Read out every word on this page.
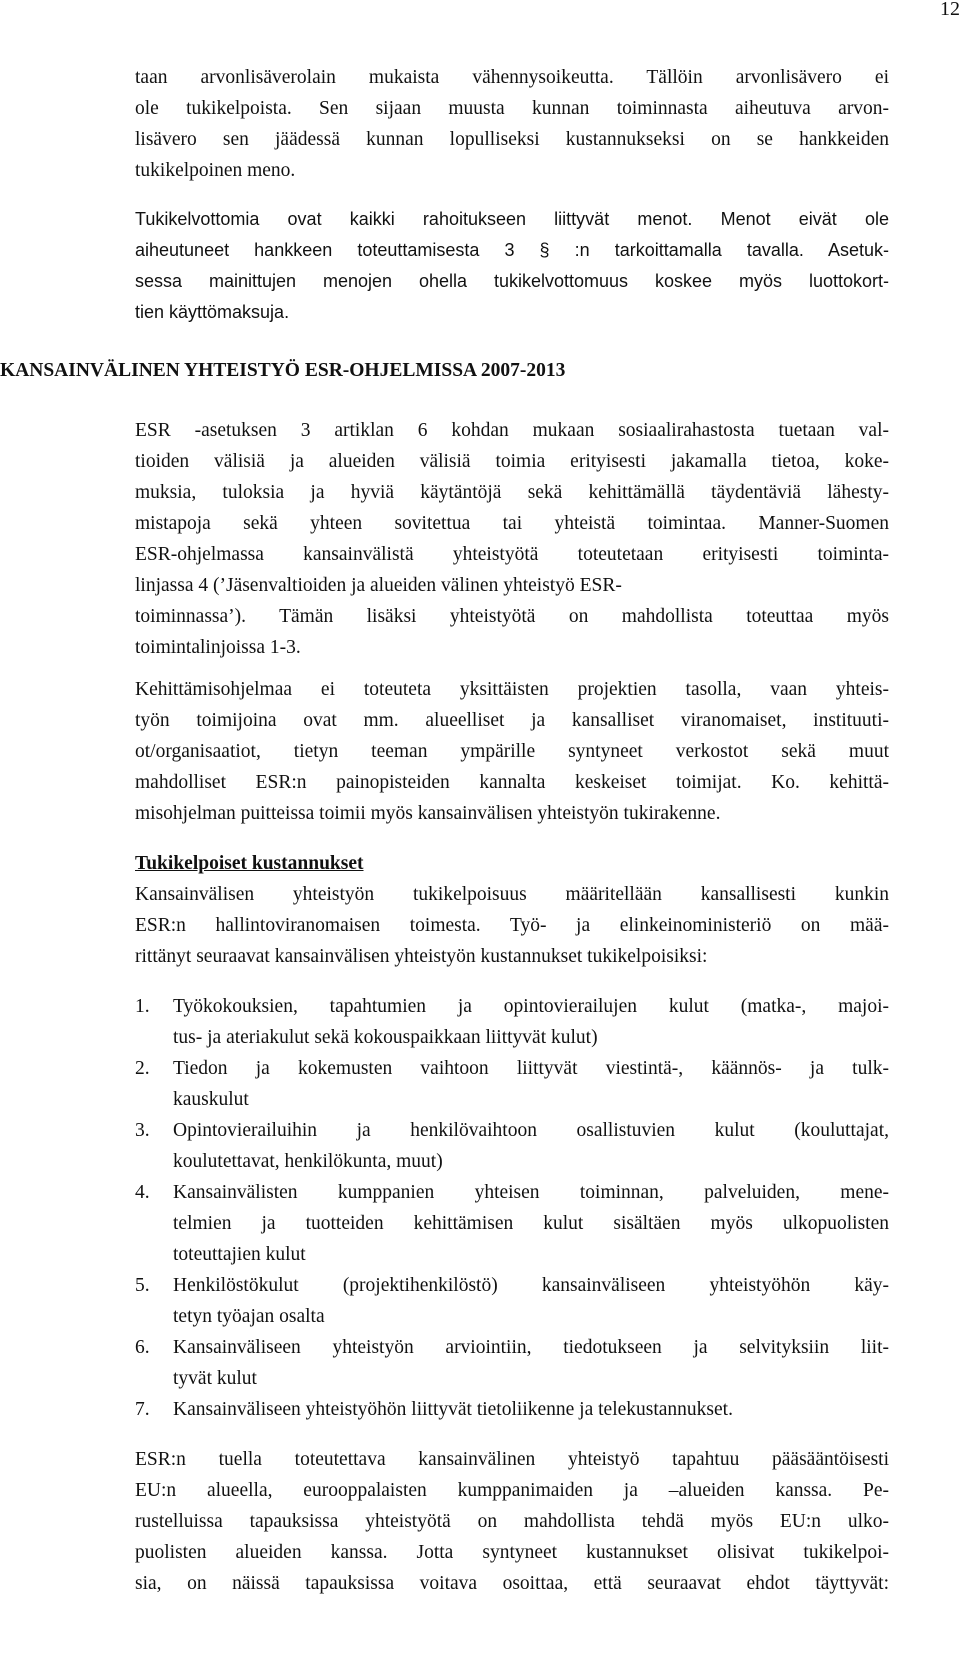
12
taan arvonlisäverolain mukaista vähennysoikeutta. Tällöin arvonlisävero ei
ole tukikelpoista. Sen sijaan muusta kunnan toiminnasta aiheutuva arvon-
lisävero sen jäädessä kunnan lopulliseksi kustannukseksi on se hankkeiden
tukikelpoinen meno.
Tukikelvottomia ovat kaikki rahoitukseen liittyvät menot. Menot eivät ole
aiheutuneet hankkeen toteuttamisesta 3 § :n tarkoittamalla tavalla. Asetuk-
sessa mainittujen menojen ohella tukikelvottomuus koskee myös luottokort-
tien käyttömaksuja.
KANSAINVÄLINEN YHTEISTYÖ ESR-OHJELMISSA 2007-2013
ESR -asetuksen 3 artiklan 6 kohdan mukaan sosiaalirahastosta tuetaan val-
tioiden välisiä ja alueiden välisiä toimia erityisesti jakamalla tietoa, koke-
muksia, tuloksia ja hyviä käytäntöjä sekä kehittämällä täydentäviä lähesty-
mistapoja sekä yhteen sovitettua tai yhteistä toimintaa. Manner-Suomen
ESR-ohjelmassa kansainvälistä yhteistyötä toteutetaan erityisesti toiminta-
linjassa 4 (’Jäsenvaltioiden ja alueiden välinen yhteistyö ESR-
toiminnassa’). Tämän lisäksi yhteistyötä on mahdollista toteuttaa myös
toimintalinjoissa 1-3.
Kehittämisohjelmaa ei toteuteta yksittäisten projektien tasolla, vaan yhteis-
työn toimijoina ovat mm. alueelliset ja kansalliset viranomaiset, instituuti-
ot/organisaatiot, tietyn teeman ympärille syntyneet verkostot sekä muut
mahdolliset ESR:n painopisteiden kannalta keskeiset toimijat. Ko. kehittä-
misohjelman puitteissa toimii myös kansainvälisen yhteistyön tukirakenne.
Tukikelpoiset kustannukset
Kansainvälisen yhteistyön tukikelpoisuus määritellään kansallisesti kunkin
ESR:n hallintoviranomaisen toimesta. Työ- ja elinkeinoministeriö on mää-
rittänyt seuraavat kansainvälisen yhteistyön kustannukset tukikelpoisiksi:
1. Työkokouksien, tapahtumien ja opintovierailujen kulut (matka-, majoi-
tus- ja ateriakulut sekä kokouspaikkaan liittyvät kulut)
2. Tiedon ja kokemusten vaihtoon liittyvät viestintä-, käännös- ja tulk-
kauskulut
3. Opintovierailuihin ja henkilövaihtoon osallistuvien kulut (kouluttajat,
koulutettavat, henkilökunta, muut)
4. Kansainvälisten kumppanien yhteisen toiminnan, palveluiden, mene-
telmien ja tuotteiden kehittämisen kulut sisältäen myös ulkopuolisten
toteuttajien kulut
5. Henkilöstökulut (projektihenkilöstö) kansainväliseen yhteistyöhön käy-
tetyn työajan osalta
6. Kansainväliseen yhteistyön arviointiin, tiedotukseen ja selvityksiin liit-
tyvät kulut
7. Kansainväliseen yhteistyöhön liittyvät tietoliikenne ja telekustannukset.
ESR:n tuella toteutettava kansainvälinen yhteistyö tapahtuu pääsääntöisesti
EU:n alueella, eurooppalaisten kumppanimaiden ja –alueiden kanssa. Pe-
rustelluissa tapauksissa yhteistyötä on mahdollista tehdä myös EU:n ulko-
puolisten alueiden kanssa. Jotta syntyneet kustannukset olisivat tukikelpoi-
sia, on näissä tapauksissa voitava osoittaa, että seuraavat ehdot täyttyvät:
